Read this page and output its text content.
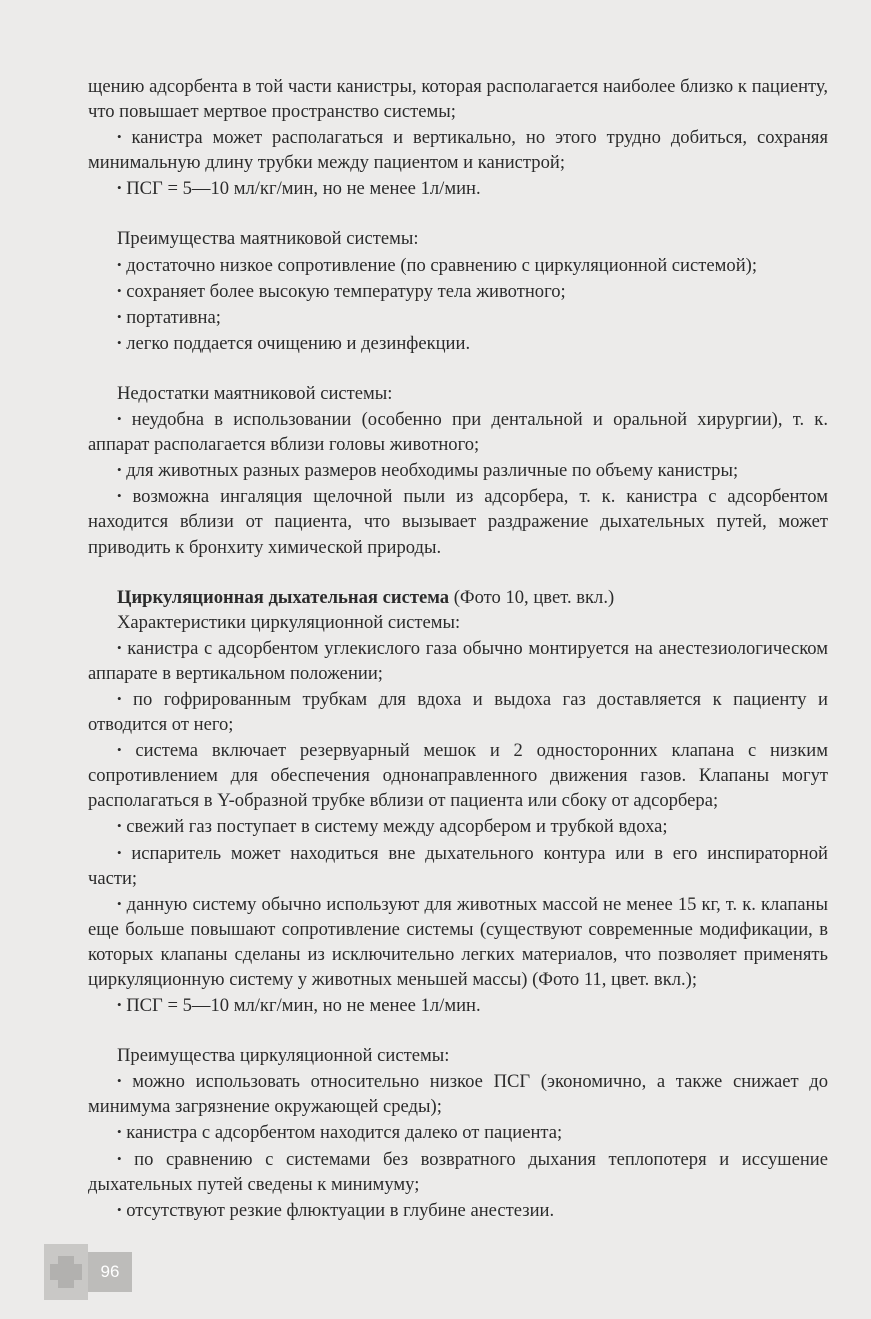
щению адсорбента в той части канистры, которая располагается наиболее близко к пациенту, что повышает мертвое пространство системы;

• канистра может располагаться и вертикально, но этого трудно добиться, сохраняя минимальную длину трубки между пациентом и канистрой;

• ПСГ = 5—10 мл/кг/мин, но не менее 1л/мин.

Преимущества маятниковой системы:

• достаточно низкое сопротивление (по сравнению с циркуляционной системой);

• сохраняет более высокую температуру тела животного;

• портативна;

• легко поддается очищению и дезинфекции.

Недостатки маятниковой системы:

• неудобна в использовании (особенно при дентальной и оральной хирургии), т. к. аппарат располагается вблизи головы животного;

• для животных разных размеров необходимы различные по объему канистры;

• возможна ингаляция щелочной пыли из адсорбера, т. к. канистра с адсорбентом находится вблизи от пациента, что вызывает раздражение дыхательных путей, может приводить к бронхиту химической природы.

Циркуляционная дыхательная система (Фото 10, цвет. вкл.)

Характеристики циркуляционной системы:

• канистра с адсорбентом углекислого газа обычно монтируется на анестезиологическом аппарате в вертикальном положении;

• по гофрированным трубкам для вдоха и выдоха газ доставляется к пациенту и отводится от него;

• система включает резервуарный мешок и 2 односторонних клапана с низким сопротивлением для обеспечения однонаправленного движения газов. Клапаны могут располагаться в Y-образной трубке вблизи от пациента или сбоку от адсорбера;

• свежий газ поступает в систему между адсорбером и трубкой вдоха;

• испаритель может находиться вне дыхательного контура или в его инспираторной части;

• данную систему обычно используют для животных массой не менее 15 кг, т. к. клапаны еще больше повышают сопротивление системы (существуют современные модификации, в которых клапаны сделаны из исключительно легких материалов, что позволяет применять циркуляционную систему у животных меньшей массы) (Фото 11, цвет. вкл.);

• ПСГ = 5—10 мл/кг/мин, но не менее 1л/мин.

Преимущества циркуляционной системы:

• можно использовать относительно низкое ПСГ (экономично, а также снижает до минимума загрязнение окружающей среды);

• канистра с адсорбентом находится далеко от пациента;

• по сравнению с системами без возвратного дыхания теплопотеря и иссушение дыхательных путей сведены к минимуму;

• отсутствуют резкие флюктуации в глубине анестезии.

96
